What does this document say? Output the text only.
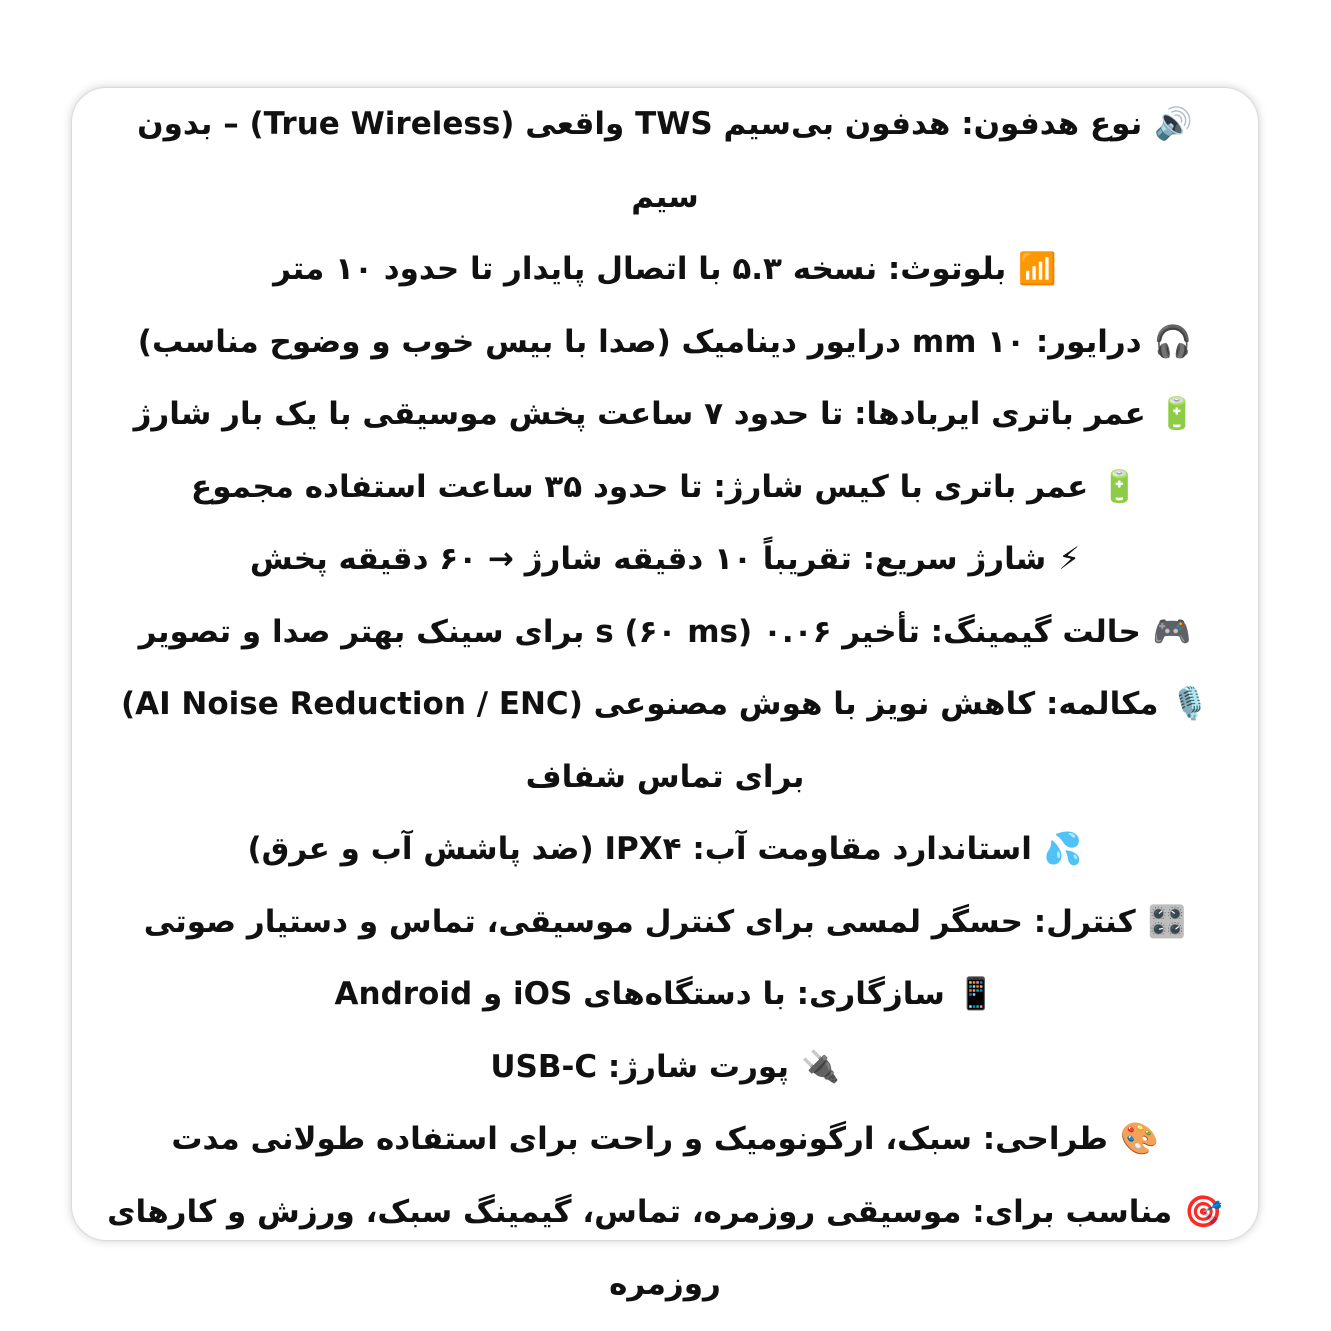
🔊نوع هدفون: هدفون بی‌سیم TWS واقعی (True Wireless) – بدون سیم
📶بلوتوث: نسخه ۵.۳ با اتصال پایدار تا حدود ۱۰ متر
🎧درایور: ۱۰ mm درایور دینامیک (صدا با بیس خوب و وضوح مناسب)
🔋عمر باتری ایربادها: تا حدود ۷ ساعت پخش موسیقی با یک بار شارژ
🔋عمر باتری با کیس شارژ: تا حدود ۳۵ ساعت استفاده مجموع
⚡شارژ سریع: تقریباً ۱۰ دقیقه شارژ → ۶۰ دقیقه پخش
🎮حالت گیمینگ: تأخیر ۰.۰۶ s (۶۰ ms) برای سینک بهتر صدا و تصویر
🎙️مکالمه: کاهش نویز با هوش مصنوعی (AI Noise Reduction / ENC) برای تماس شفاف
💦استاندارد مقاومت آب: IPX۴ (ضد پاشش آب و عرق)
🎛️کنترل: حسگر لمسی برای کنترل موسیقی، تماس و دستیار صوتی
📱سازگاری: با دستگاه‌های iOS و Android
🔌پورت شارژ: USB‑C
🎨طراحی: سبک، ارگونومیک و راحت برای استفاده طولانی مدت
🎯مناسب برای: موسیقی روزمره، تماس، گیمینگ سبک، ورزش و کارهای روزمره
